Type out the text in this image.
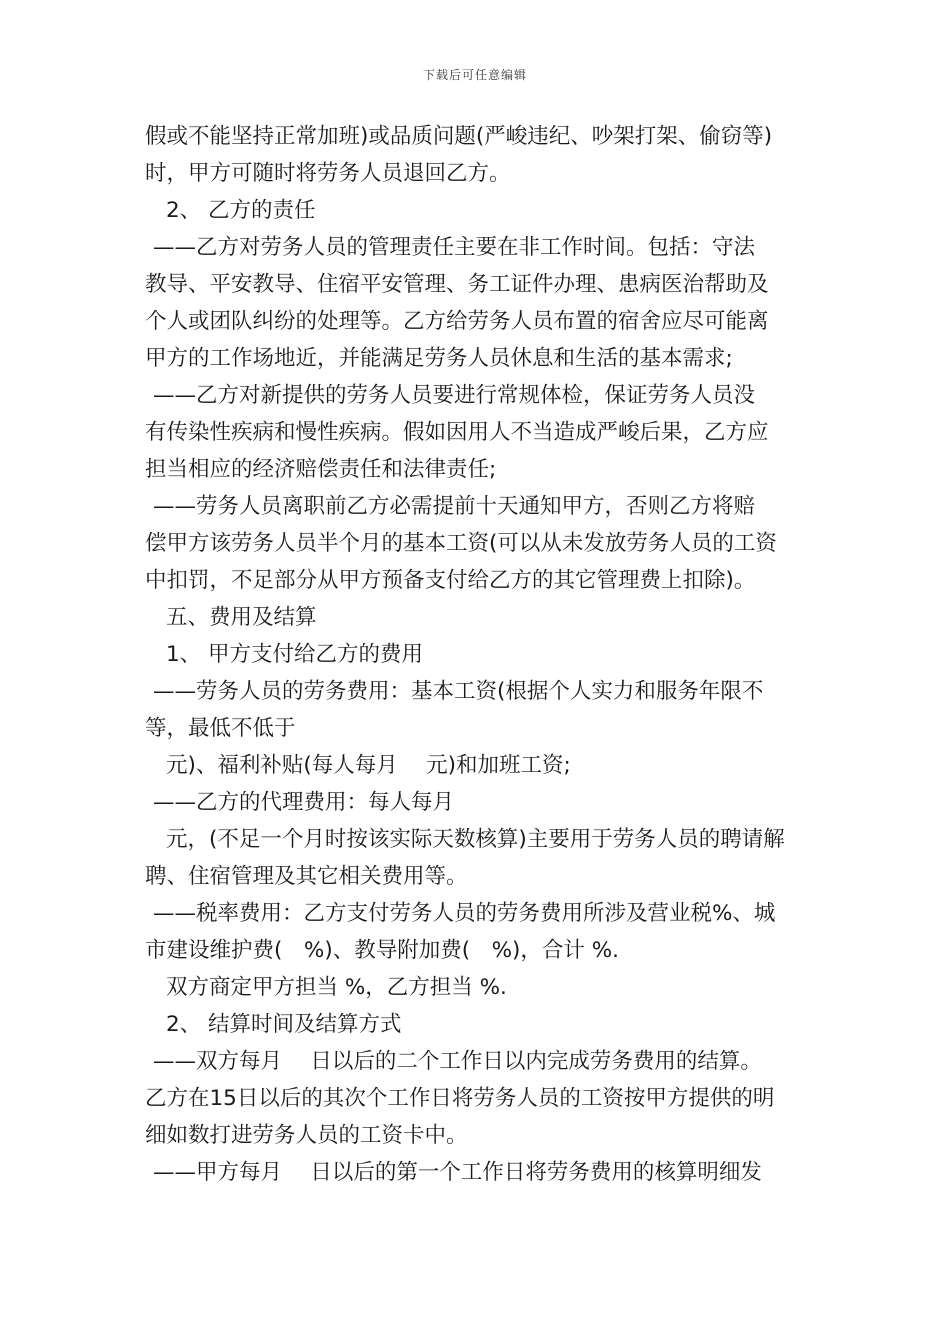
下载后可任意编辑
假或不能坚持正常加班)或品质问题(严峻违纪、吵架打架、偷窃等)
时，甲方可随时将劳务人员退回乙方。
2、 乙方的责任
——乙方对劳务人员的管理责任主要在非工作时间。包括：守法
教导、平安教导、住宿平安管理、务工证件办理、患病医治帮助及
个人或团队纠纷的处理等。乙方给劳务人员布置的宿舍应尽可能离
甲方的工作场地近，并能满足劳务人员休息和生活的基本需求;
——乙方对新提供的劳务人员要进行常规体检，保证劳务人员没
有传染性疾病和慢性疾病。假如因用人不当造成严峻后果，乙方应
担当相应的经济赔偿责任和法律责任;
——劳务人员离职前乙方必需提前十天通知甲方，否则乙方将赔
偿甲方该劳务人员半个月的基本工资(可以从未发放劳务人员的工资
中扣罚，不足部分从甲方预备支付给乙方的其它管理费上扣除)。
五、费用及结算
1、 甲方支付给乙方的费用
——劳务人员的劳务费用：基本工资(根据个人实力和服务年限不
等，最低不低于
元)、福利补贴(每人每月　 元)和加班工资;
——乙方的代理费用：每人每月
元，(不足一个月时按该实际天数核算)主要用于劳务人员的聘请解
聘、住宿管理及其它相关费用等。
——税率费用：乙方支付劳务人员的劳务费用所涉及营业税%、城
市建设维护费(　%)、教导附加费(　%)，合计 %.
双方商定甲方担当 %，乙方担当 %.
2、 结算时间及结算方式
——双方每月　 日以后的二个工作日以内完成劳务费用的结算。
乙方在15日以后的其次个工作日将劳务人员的工资按甲方提供的明
细如数打进劳务人员的工资卡中。
——甲方每月　 日以后的第一个工作日将劳务费用的核算明细发
